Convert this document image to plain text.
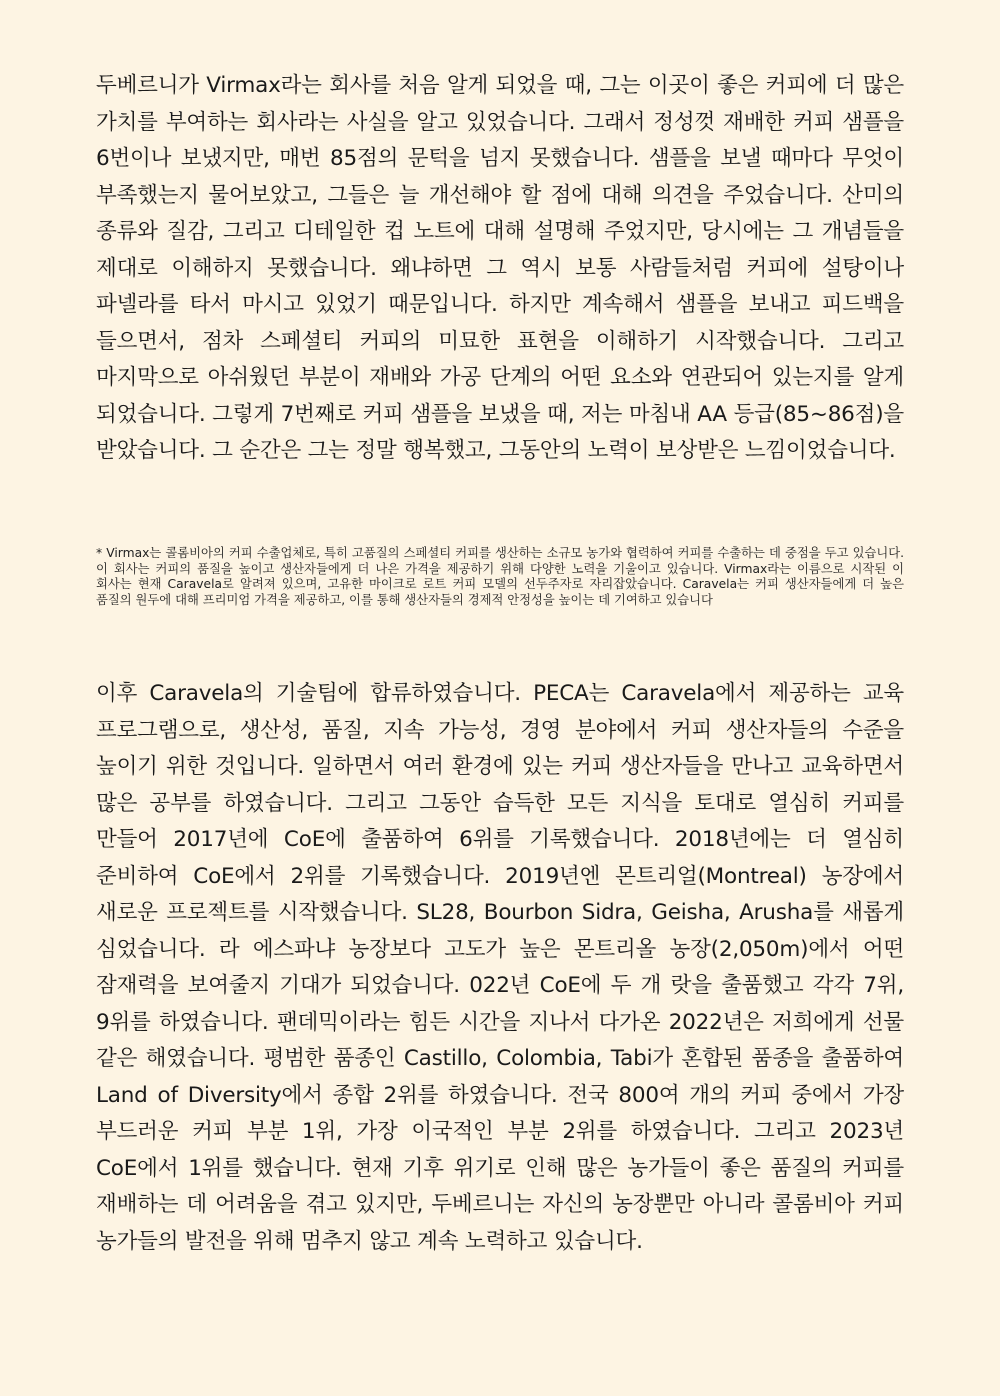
두베르니가 Virmax라는 회사를 처음 알게 되었을 때, 그는 이곳이 좋은 커피에 더 많은 가치를 부여하는 회사라는 사실을 알고 있었습니다. 그래서 정성껏 재배한 커피 샘플을 6번이나 보냈지만, 매번 85점의 문턱을 넘지 못했습니다. 샘플을 보낼 때마다 무엇이 부족했는지 물어보았고, 그들은 늘 개선해야 할 점에 대해 의견을 주었습니다. 산미의 종류와 질감, 그리고 디테일한 컵 노트에 대해 설명해 주었지만, 당시에는 그 개념들을 제대로 이해하지 못했습니다. 왜냐하면 그 역시 보통 사람들처럼 커피에 설탕이나 파넬라를 타서 마시고 있었기 때문입니다. 하지만 계속해서 샘플을 보내고 피드백을 들으면서, 점차 스페셜티 커피의 미묘한 표현을 이해하기 시작했습니다. 그리고 마지막으로 아쉬웠던 부분이 재배와 가공 단계의 어떤 요소와 연관되어 있는지를 알게 되었습니다. 그렇게 7번째로 커피 샘플을 보냈을 때, 저는 마침내 AA 등급(85~86점)을 받았습니다. 그 순간은 그는 정말 행복했고, 그동안의 노력이 보상받은 느낌이었습니다.

* Virmax는 콜롬비아의 커피 수출업체로, 특히 고품질의 스페셜티 커피를 생산하는 소규모 농가와 협력하여 커피를 수출하는 데 중점을 두고 있습니다. 이 회사는 커피의 품질을 높이고 생산자들에게 더 나은 가격을 제공하기 위해 다양한 노력을 기울이고 있습니다. Virmax라는 이름으로 시작된 이 회사는 현재 Caravela로 알려져 있으며, 고유한 마이크로 로트 커피 모델의 선두주자로 자리잡았습니다. Caravela는 커피 생산자들에게 더 높은 품질의 원두에 대해 프리미엄 가격을 제공하고, 이를 통해 생산자들의 경제적 안정성을 높이는 데 기여하고 있습니다

이후 Caravela의 기술팀에 합류하였습니다. PECA는 Caravela에서 제공하는 교육 프로그램으로, 생산성, 품질, 지속 가능성, 경영 분야에서 커피 생산자들의 수준을 높이기 위한 것입니다. 일하면서 여러 환경에 있는 커피 생산자들을 만나고 교육하면서 많은 공부를 하였습니다. 그리고 그동안 습득한 모든 지식을 토대로 열심히 커피를 만들어 2017년에 CoE에 출품하여 6위를 기록했습니다. 2018년에는 더 열심히 준비하여 CoE에서 2위를 기록했습니다. 2019년엔 몬트리얼(Montreal) 농장에서 새로운 프로젝트를 시작했습니다. SL28, Bourbon Sidra, Geisha, Arusha를 새롭게 심었습니다. 라 에스파냐 농장보다 고도가 높은 몬트리올 농장(2,050m)에서 어떤 잠재력을 보여줄지 기대가 되었습니다. 022년 CoE에 두 개 랏을 출품했고 각각 7위, 9위를 하였습니다. 팬데믹이라는 힘든 시간을 지나서 다가온 2022년은 저희에게 선물 같은 해였습니다. 평범한 품종인 Castillo, Colombia, Tabi가 혼합된 품종을 출품하여 Land of Diversity에서 종합 2위를 하였습니다. 전국 800여 개의 커피 중에서 가장 부드러운 커피 부분 1위, 가장 이국적인 부분 2위를 하였습니다. 그리고 2023년 CoE에서 1위를 했습니다. 현재 기후 위기로 인해 많은 농가들이 좋은 품질의 커피를 재배하는 데 어려움을 겪고 있지만, 두베르니는 자신의 농장뿐만 아니라 콜롬비아 커피 농가들의 발전을 위해 멈추지 않고 계속 노력하고 있습니다.
